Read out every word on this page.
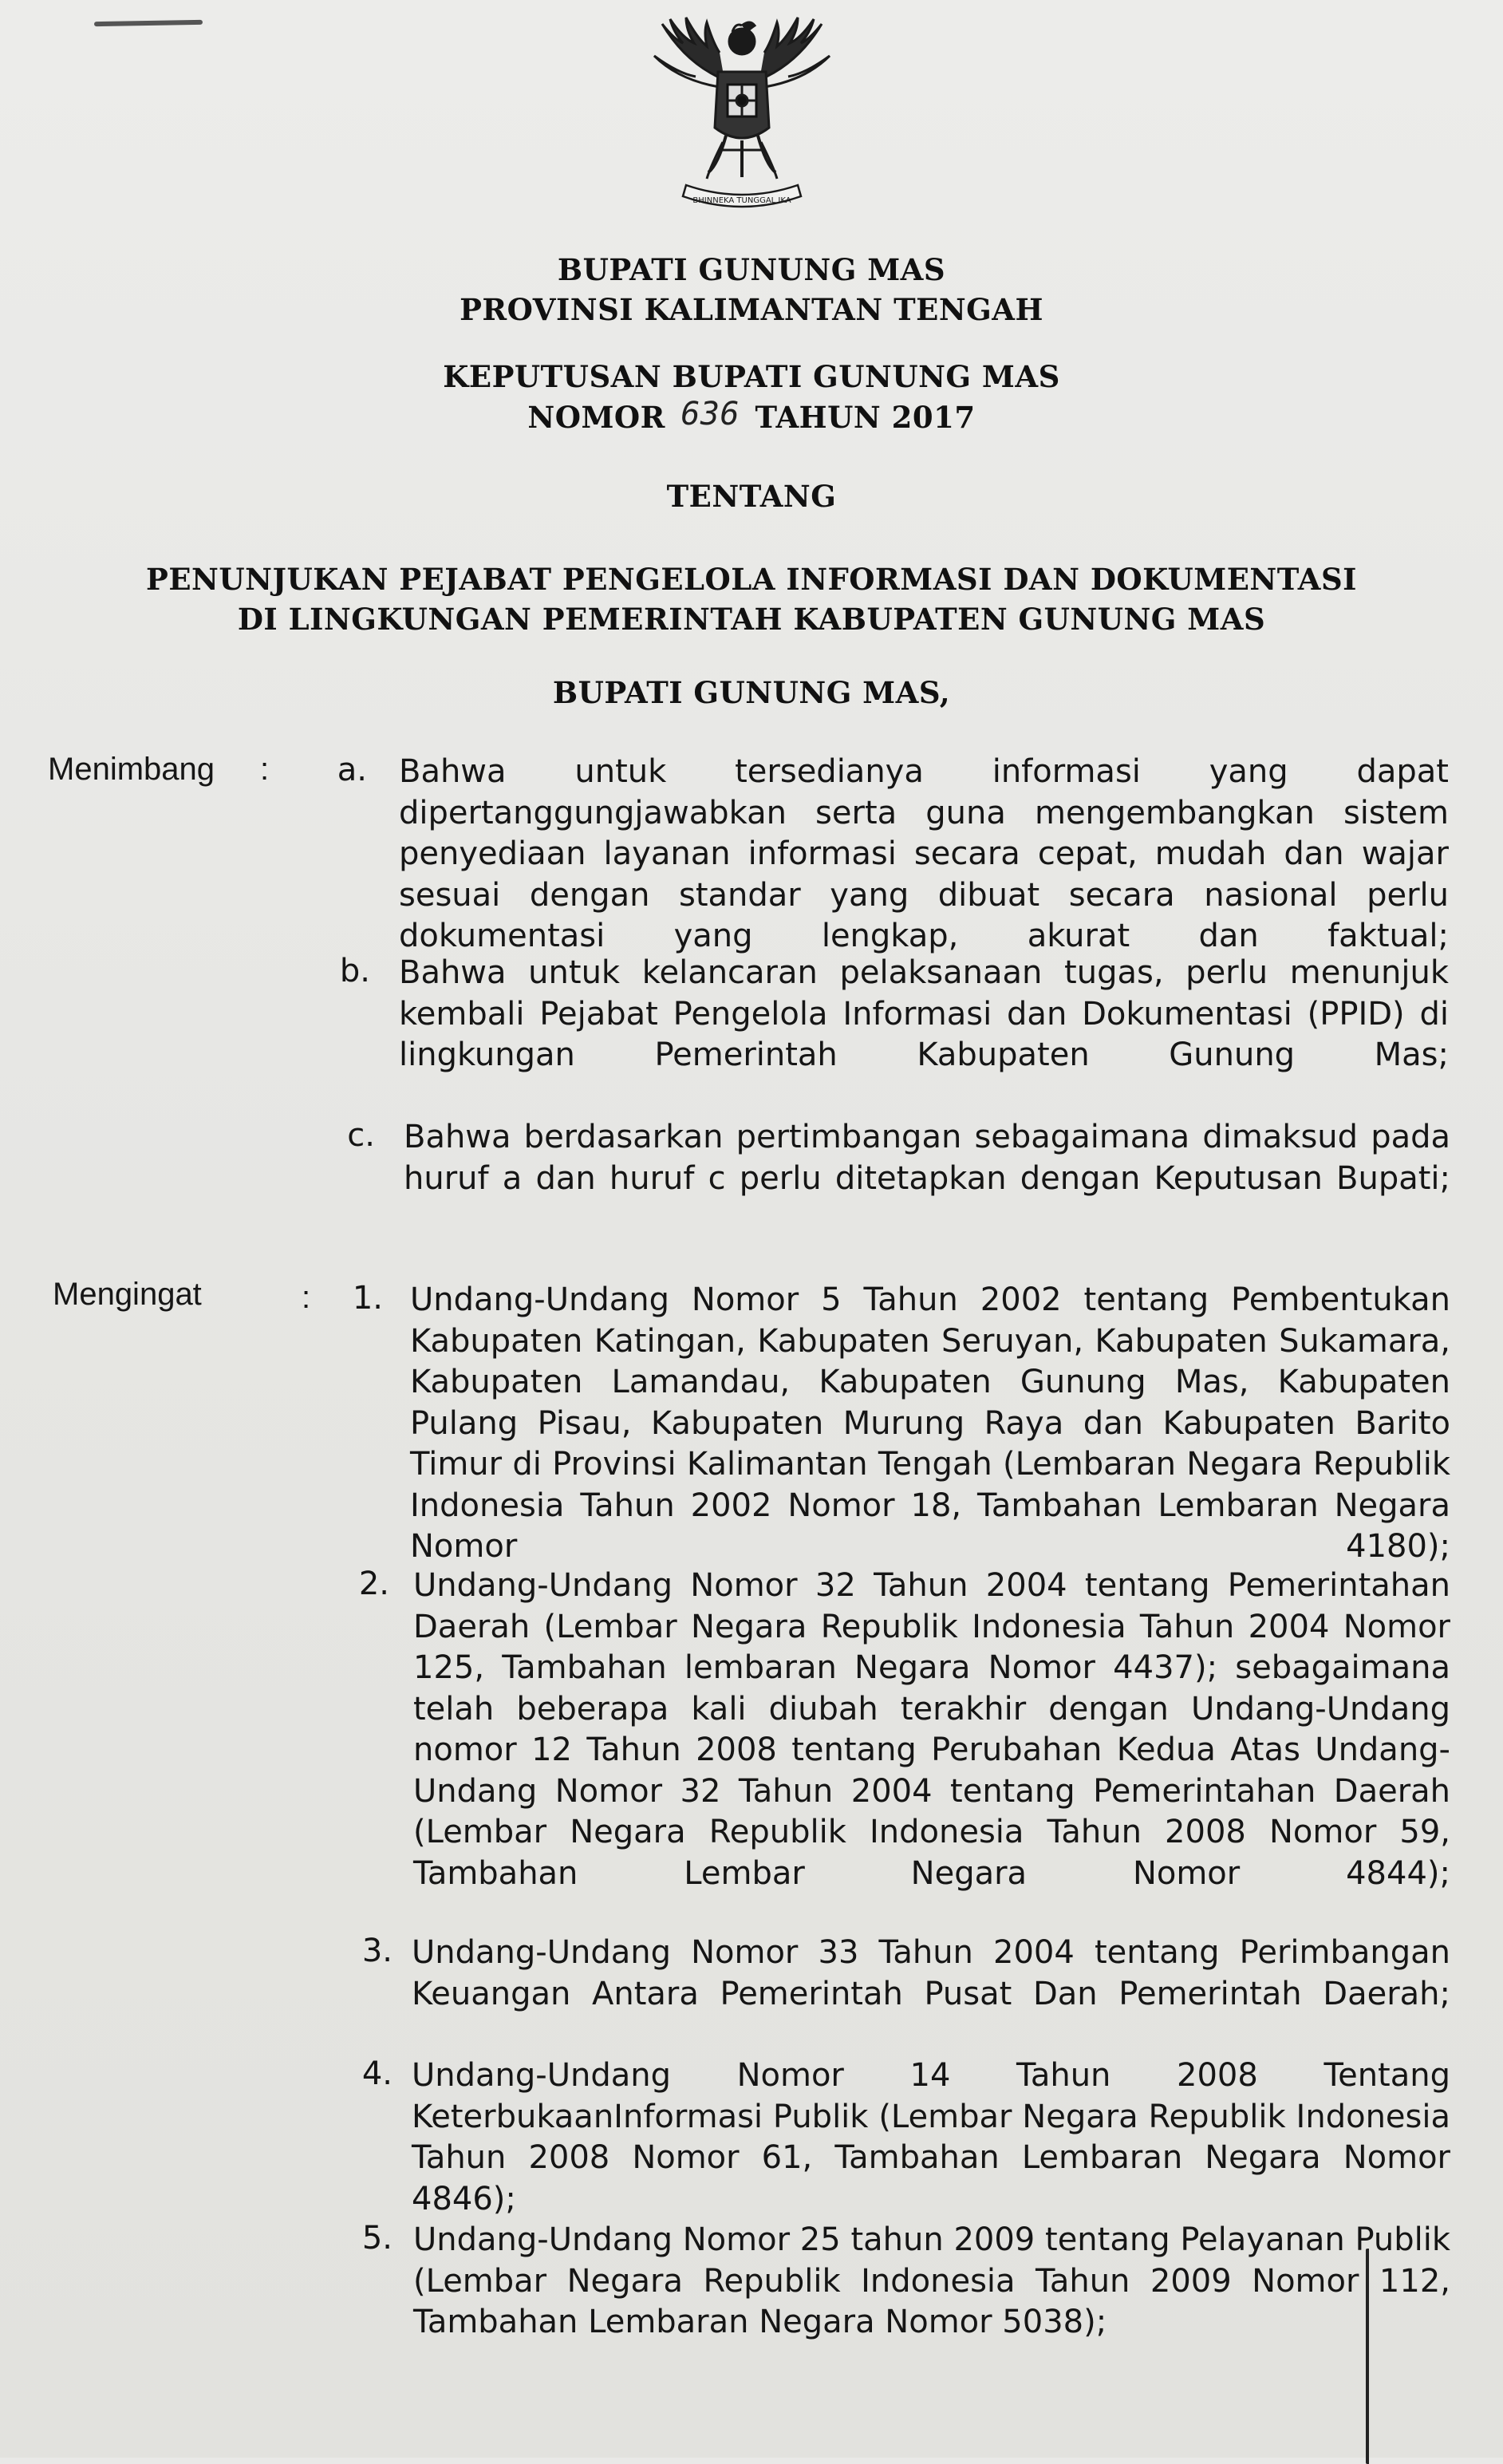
BHINNEKA TUNGGAL IKA
BUPATI GUNUNG MAS
PROVINSI KALIMANTAN TENGAH
KEPUTUSAN BUPATI GUNUNG MAS
NOMOR 636 TAHUN 2017
TENTANG
PENUNJUKAN PEJABAT PENGELOLA INFORMASI DAN DOKUMENTASI
DI LINGKUNGAN PEMERINTAH KABUPATEN GUNUNG MAS
BUPATI GUNUNG MAS,

Menimbang :	a. Bahwa untuk tersedianya informasi yang dapat dipertanggungjawabkan serta guna mengembangkan sistem penyediaan layanan informasi secara cepat, mudah dan wajar sesuai dengan standar yang dibuat secara nasional perlu dokumentasi yang lengkap, akurat dan faktual;
b. Bahwa untuk kelancaran pelaksanaan tugas, perlu menunjuk kembali Pejabat Pengelola Informasi dan Dokumentasi (PPID) di lingkungan Pemerintah Kabupaten Gunung Mas;
c. Bahwa berdasarkan pertimbangan sebagaimana dimaksud pada huruf a dan huruf c perlu ditetapkan dengan Keputusan Bupati;
Mengingat	:	1. Undang-Undang Nomor 5 Tahun 2002 tentang Pembentukan Kabupaten Katingan, Kabupaten Seruyan, Kabupaten Sukamara, Kabupaten Lamandau, Kabupaten Gunung Mas, Kabupaten Pulang Pisau, Kabupaten Murung Raya dan Kabupaten Barito Timur di Provinsi Kalimantan Tengah (Lembaran Negara Republik Indonesia Tahun 2002 Nomor 18, Tambahan Lembaran Negara Nomor 4180);
2. Undang-Undang Nomor 32 Tahun 2004 tentang Pemerintahan Daerah (Lembar Negara Republik Indonesia Tahun 2004 Nomor 125, Tambahan lembaran Negara Nomor 4437); sebagaimana telah beberapa kali diubah terakhir dengan Undang-Undang nomor 12 Tahun 2008 tentang Perubahan Kedua Atas Undang-Undang Nomor 32 Tahun 2004 tentang Pemerintahan Daerah (Lembar Negara Republik Indonesia Tahun 2008 Nomor 59, Tambahan Lembar Negara Nomor 4844);
3. Undang-Undang Nomor 33 Tahun 2004 tentang Perimbangan Keuangan Antara Pemerintah Pusat Dan Pemerintah Daerah;
4. Undang-Undang Nomor 14 Tahun 2008 Tentang KeterbukaanInformasi Publik (Lembar Negara Republik Indonesia Tahun 2008 Nomor 61, Tambahan Lembaran Negara Nomor 4846);
5. Undang-Undang Nomor 25 tahun 2009 tentang Pelayanan Publik (Lembar Negara Republik Indonesia Tahun 2009 Nomor 112, Tambahan Lembaran Negara Nomor 5038);
